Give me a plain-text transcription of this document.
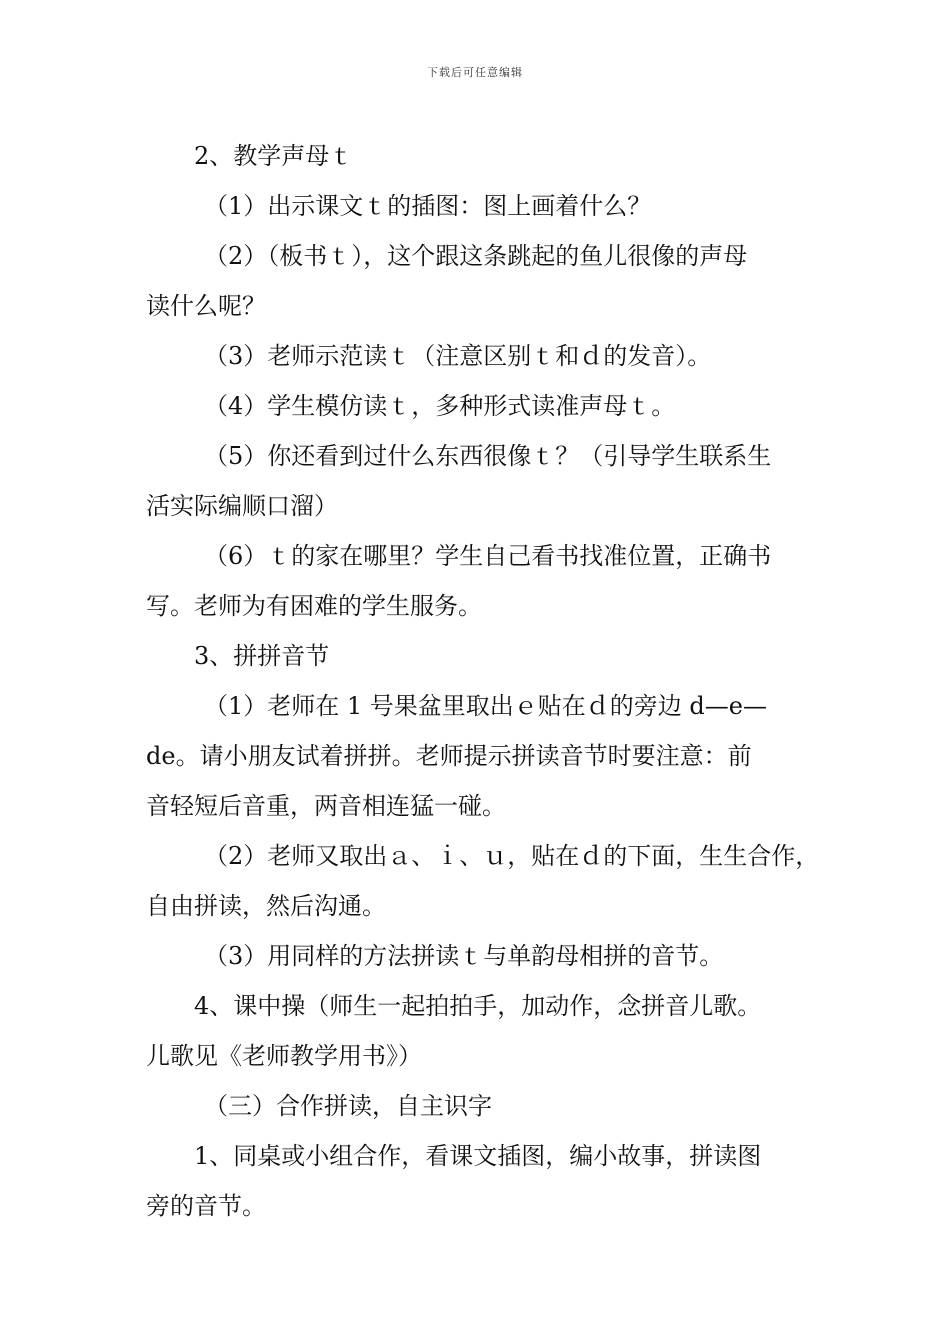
下载后可任意编辑
2、教学声母ｔ
（1）出示课文ｔ的插图：图上画着什么？
（2）（板书ｔ），这个跟这条跳起的鱼儿很像的声母
读什么呢？
（3）老师示范读ｔ（注意区别ｔ和ｄ的发音）。
（4）学生模仿读ｔ，多种形式读准声母ｔ。
（5）你还看到过什么东西很像ｔ？（引导学生联系生
活实际编顺口溜）
（6）ｔ的家在哪里？学生自己看书找准位置，正确书
写。老师为有困难的学生服务。
3、拼拼音节
（1）老师在 1 号果盆里取出ｅ贴在ｄ的旁边 d—e—
de。请小朋友试着拼拼。老师提示拼读音节时要注意：前
音轻短后音重，两音相连猛一碰。
（2）老师又取出ａ、ｉ、ｕ，贴在ｄ的下面，生生合作，
自由拼读，然后沟通。
（3）用同样的方法拼读ｔ与单韵母相拼的音节。
4、课中操（师生一起拍拍手，加动作，念拼音儿歌。
儿歌见《老师教学用书》）
（三）合作拼读，自主识字
1、同桌或小组合作，看课文插图，编小故事，拼读图
旁的音节。
